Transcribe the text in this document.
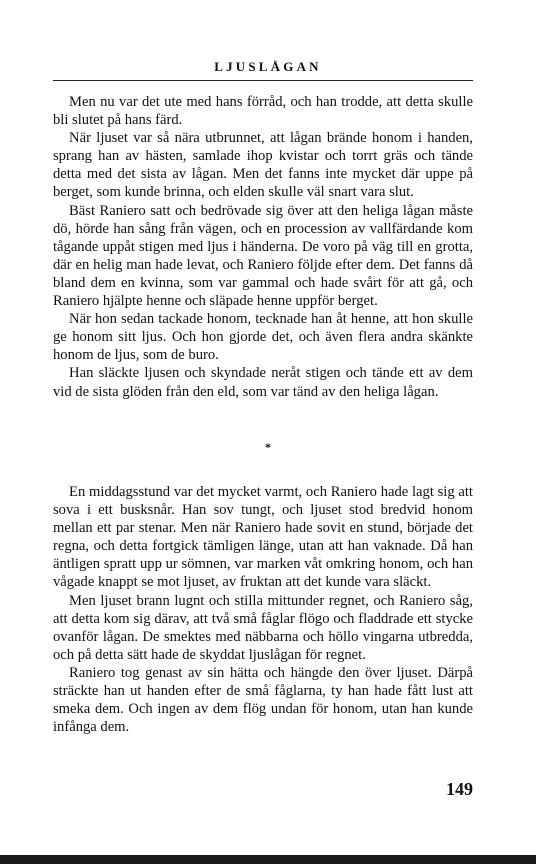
LJUSLÅGAN

Men nu var det ute med hans förråd, och han trodde, att detta skulle bli slutet på hans färd.

När ljuset var så nära utbrunnet, att lågan brände honom i handen, sprang han av hästen, samlade ihop kvistar och torrt gräs och tände detta med det sista av lågan. Men det fanns inte mycket där uppe på berget, som kunde brinna, och elden skulle väl snart vara slut.

Bäst Raniero satt och bedrövade sig över att den heliga lågan måste dö, hörde han sång från vägen, och en procession av vallfärdande kom tågande uppåt stigen med ljus i händerna. De voro på väg till en grotta, där en helig man hade levat, och Raniero följde efter dem. Det fanns då bland dem en kvinna, som var gammal och hade svårt för att gå, och Raniero hjälpte henne och släpade henne uppför berget.

När hon sedan tackade honom, tecknade han åt henne, att hon skulle ge honom sitt ljus. Och hon gjorde det, och även flera andra skänkte honom de ljus, som de buro.

Han släckte ljusen och skyndade neråt stigen och tände ett av dem vid de sista glöden från den eld, som var tänd av den heliga lågan.

*

En middagsstund var det mycket varmt, och Raniero hade lagt sig att sova i ett busksnår. Han sov tungt, och ljuset stod bredvid honom mellan ett par stenar. Men när Raniero hade sovit en stund, började det regna, och detta fortgick tämligen länge, utan att han vaknade. Då han äntligen spratt upp ur sömnen, var marken våt omkring honom, och han vågade knappt se mot ljuset, av fruktan att det kunde vara släckt.

Men ljuset brann lugnt och stilla mittunder regnet, och Raniero såg, att detta kom sig därav, att två små fåglar flögo och fladdrade ett stycke ovanför lågan. De smektes med näbbarna och höllo vingarna utbredda, och på detta sätt hade de skyddat ljuslågan för regnet.

Raniero tog genast av sin hätta och hängde den över ljuset. Därpå sträckte han ut handen efter de små fåglarna, ty han hade fått lust att smeka dem. Och ingen av dem flög undan för honom, utan han kunde infånga dem.

149
